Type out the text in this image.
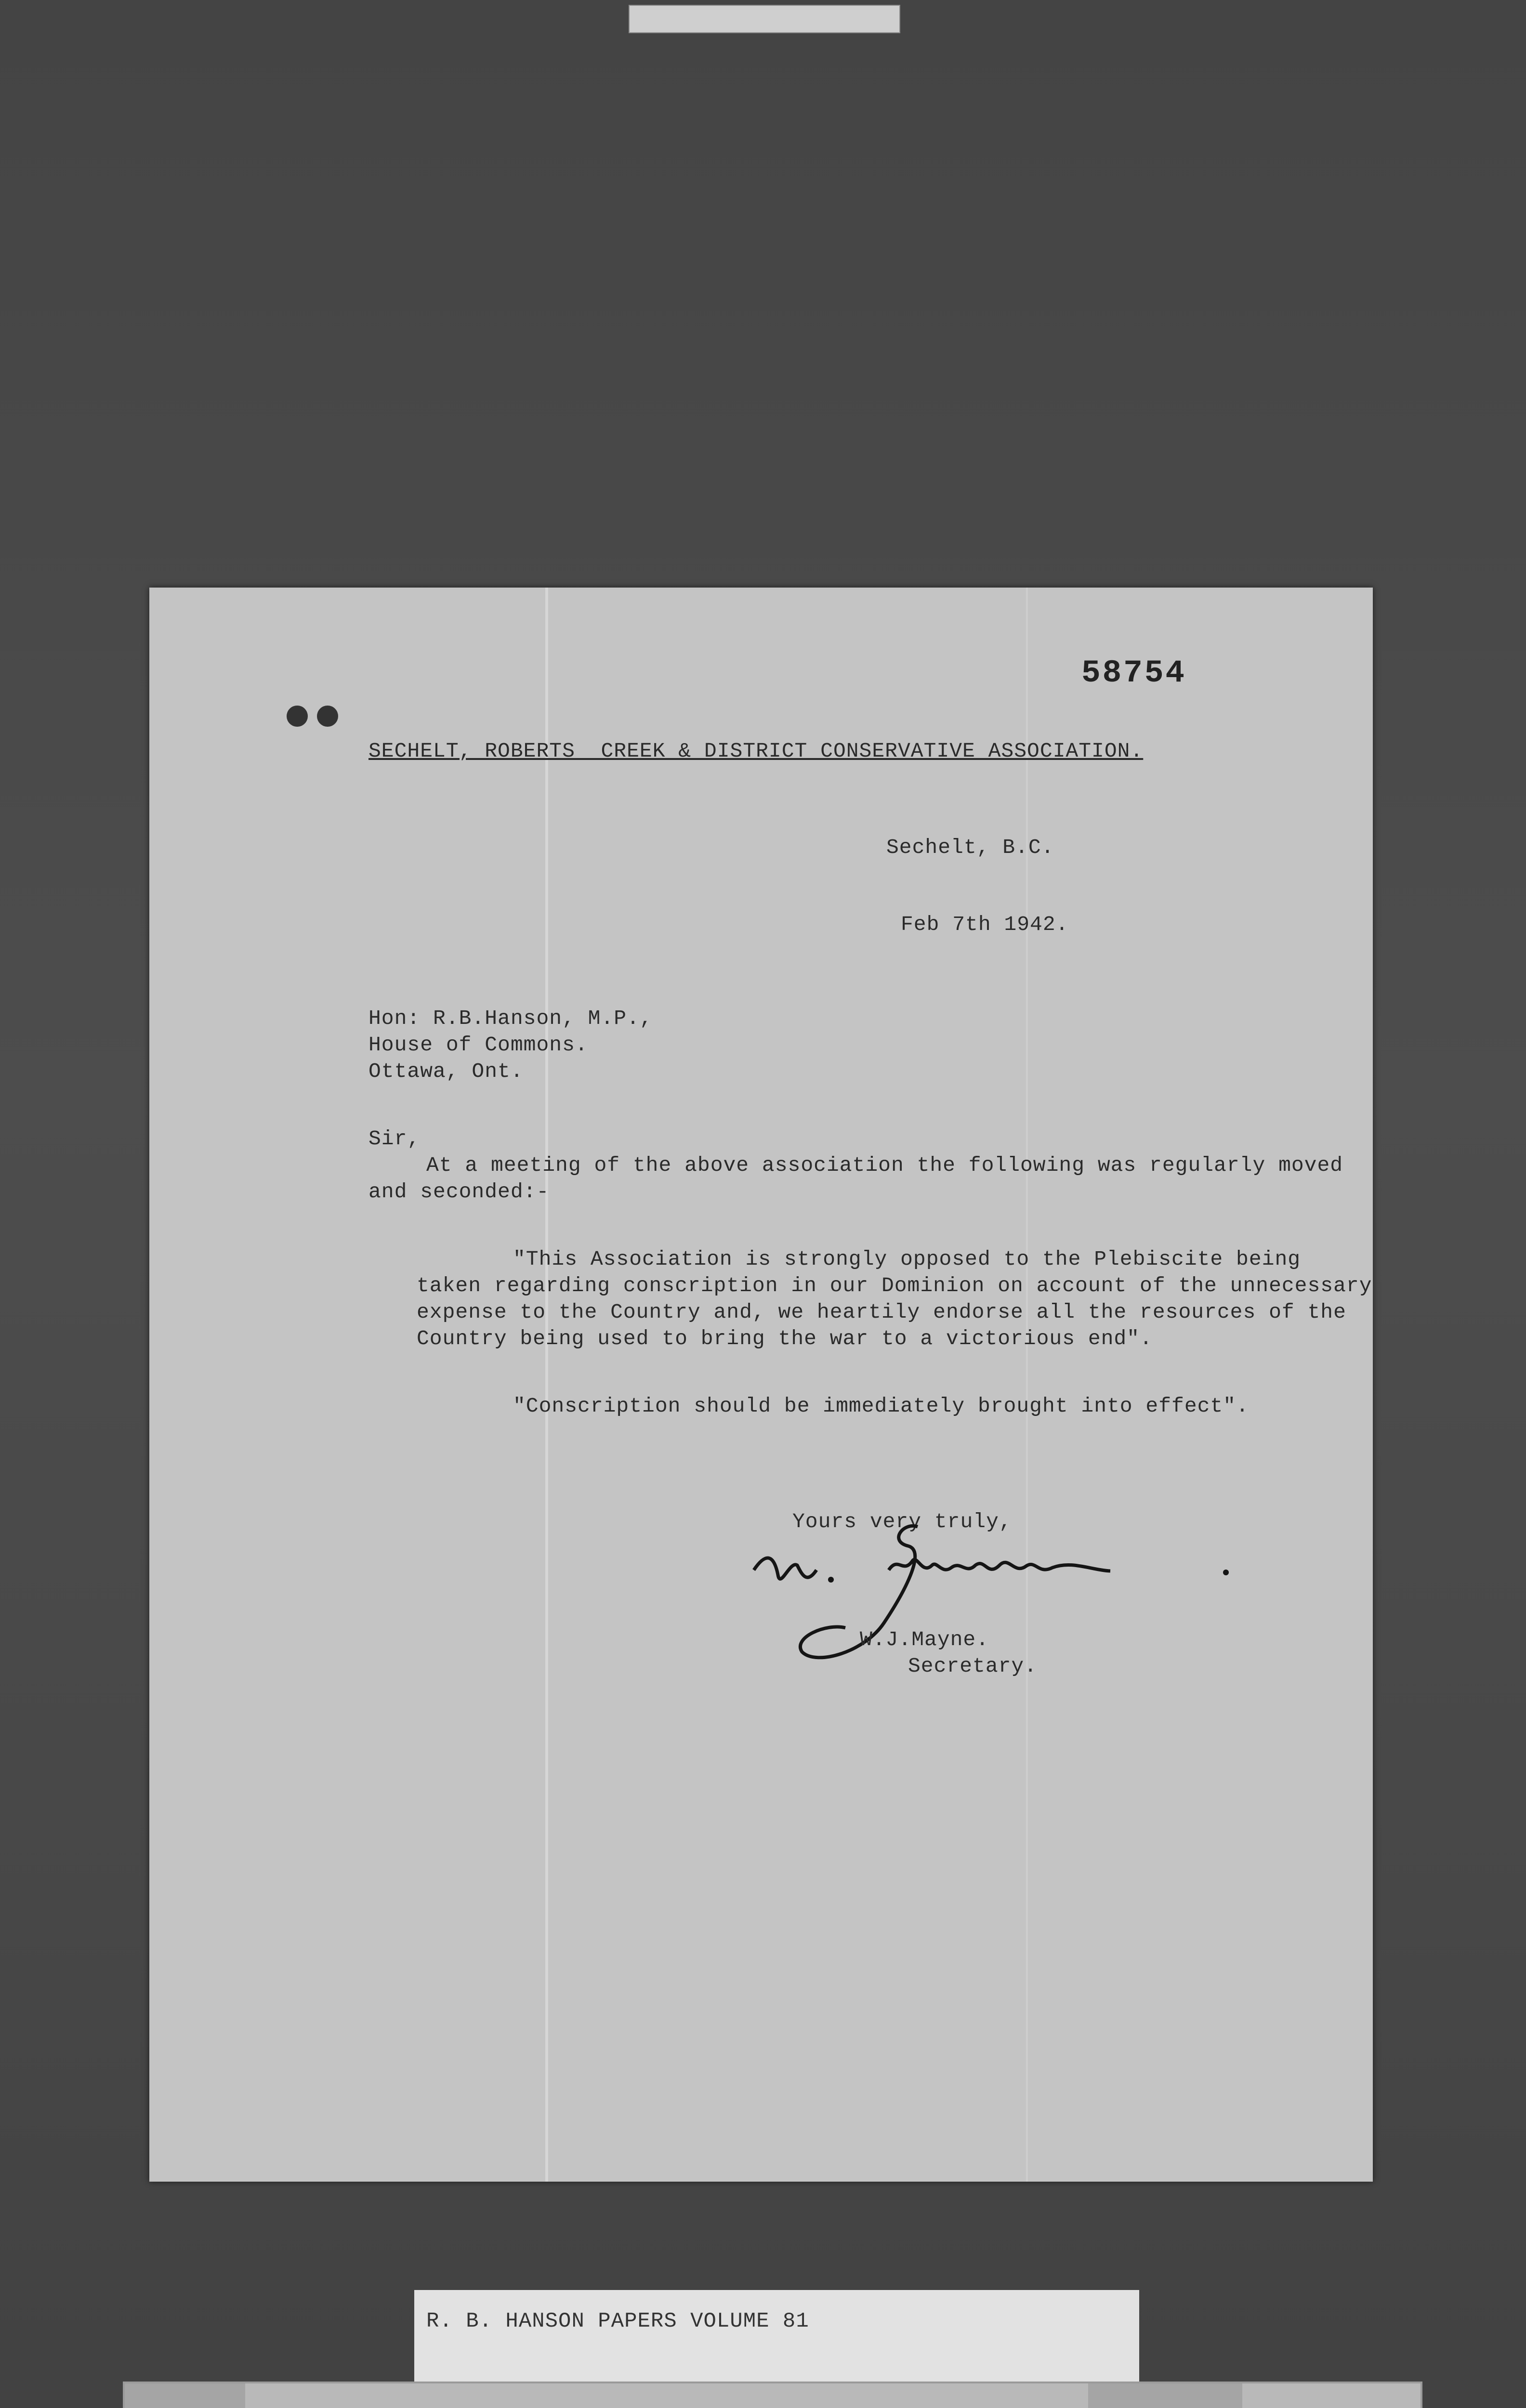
58754
SECHELT, ROBERTS  CREEK & DISTRICT CONSERVATIVE ASSOCIATION.
Sechelt, B.C.
Feb 7th 1942.
Hon: R.B.Hanson, M.P.,
House of Commons.
Ottawa, Ont.
Sir,
At a meeting of the above association the following was regularly moved
and seconded:-
"This Association is strongly opposed to the Plebiscite being
taken regarding conscription in our Dominion on account of the unnecessary
expense to the Country and, we heartily endorse all the resources of the
Country being used to bring the war to a victorious end".
"Conscription should be immediately brought into effect".
Yours very truly,
W.J.Mayne.
Secretary.
R. B. HANSON PAPERS VOLUME 81
